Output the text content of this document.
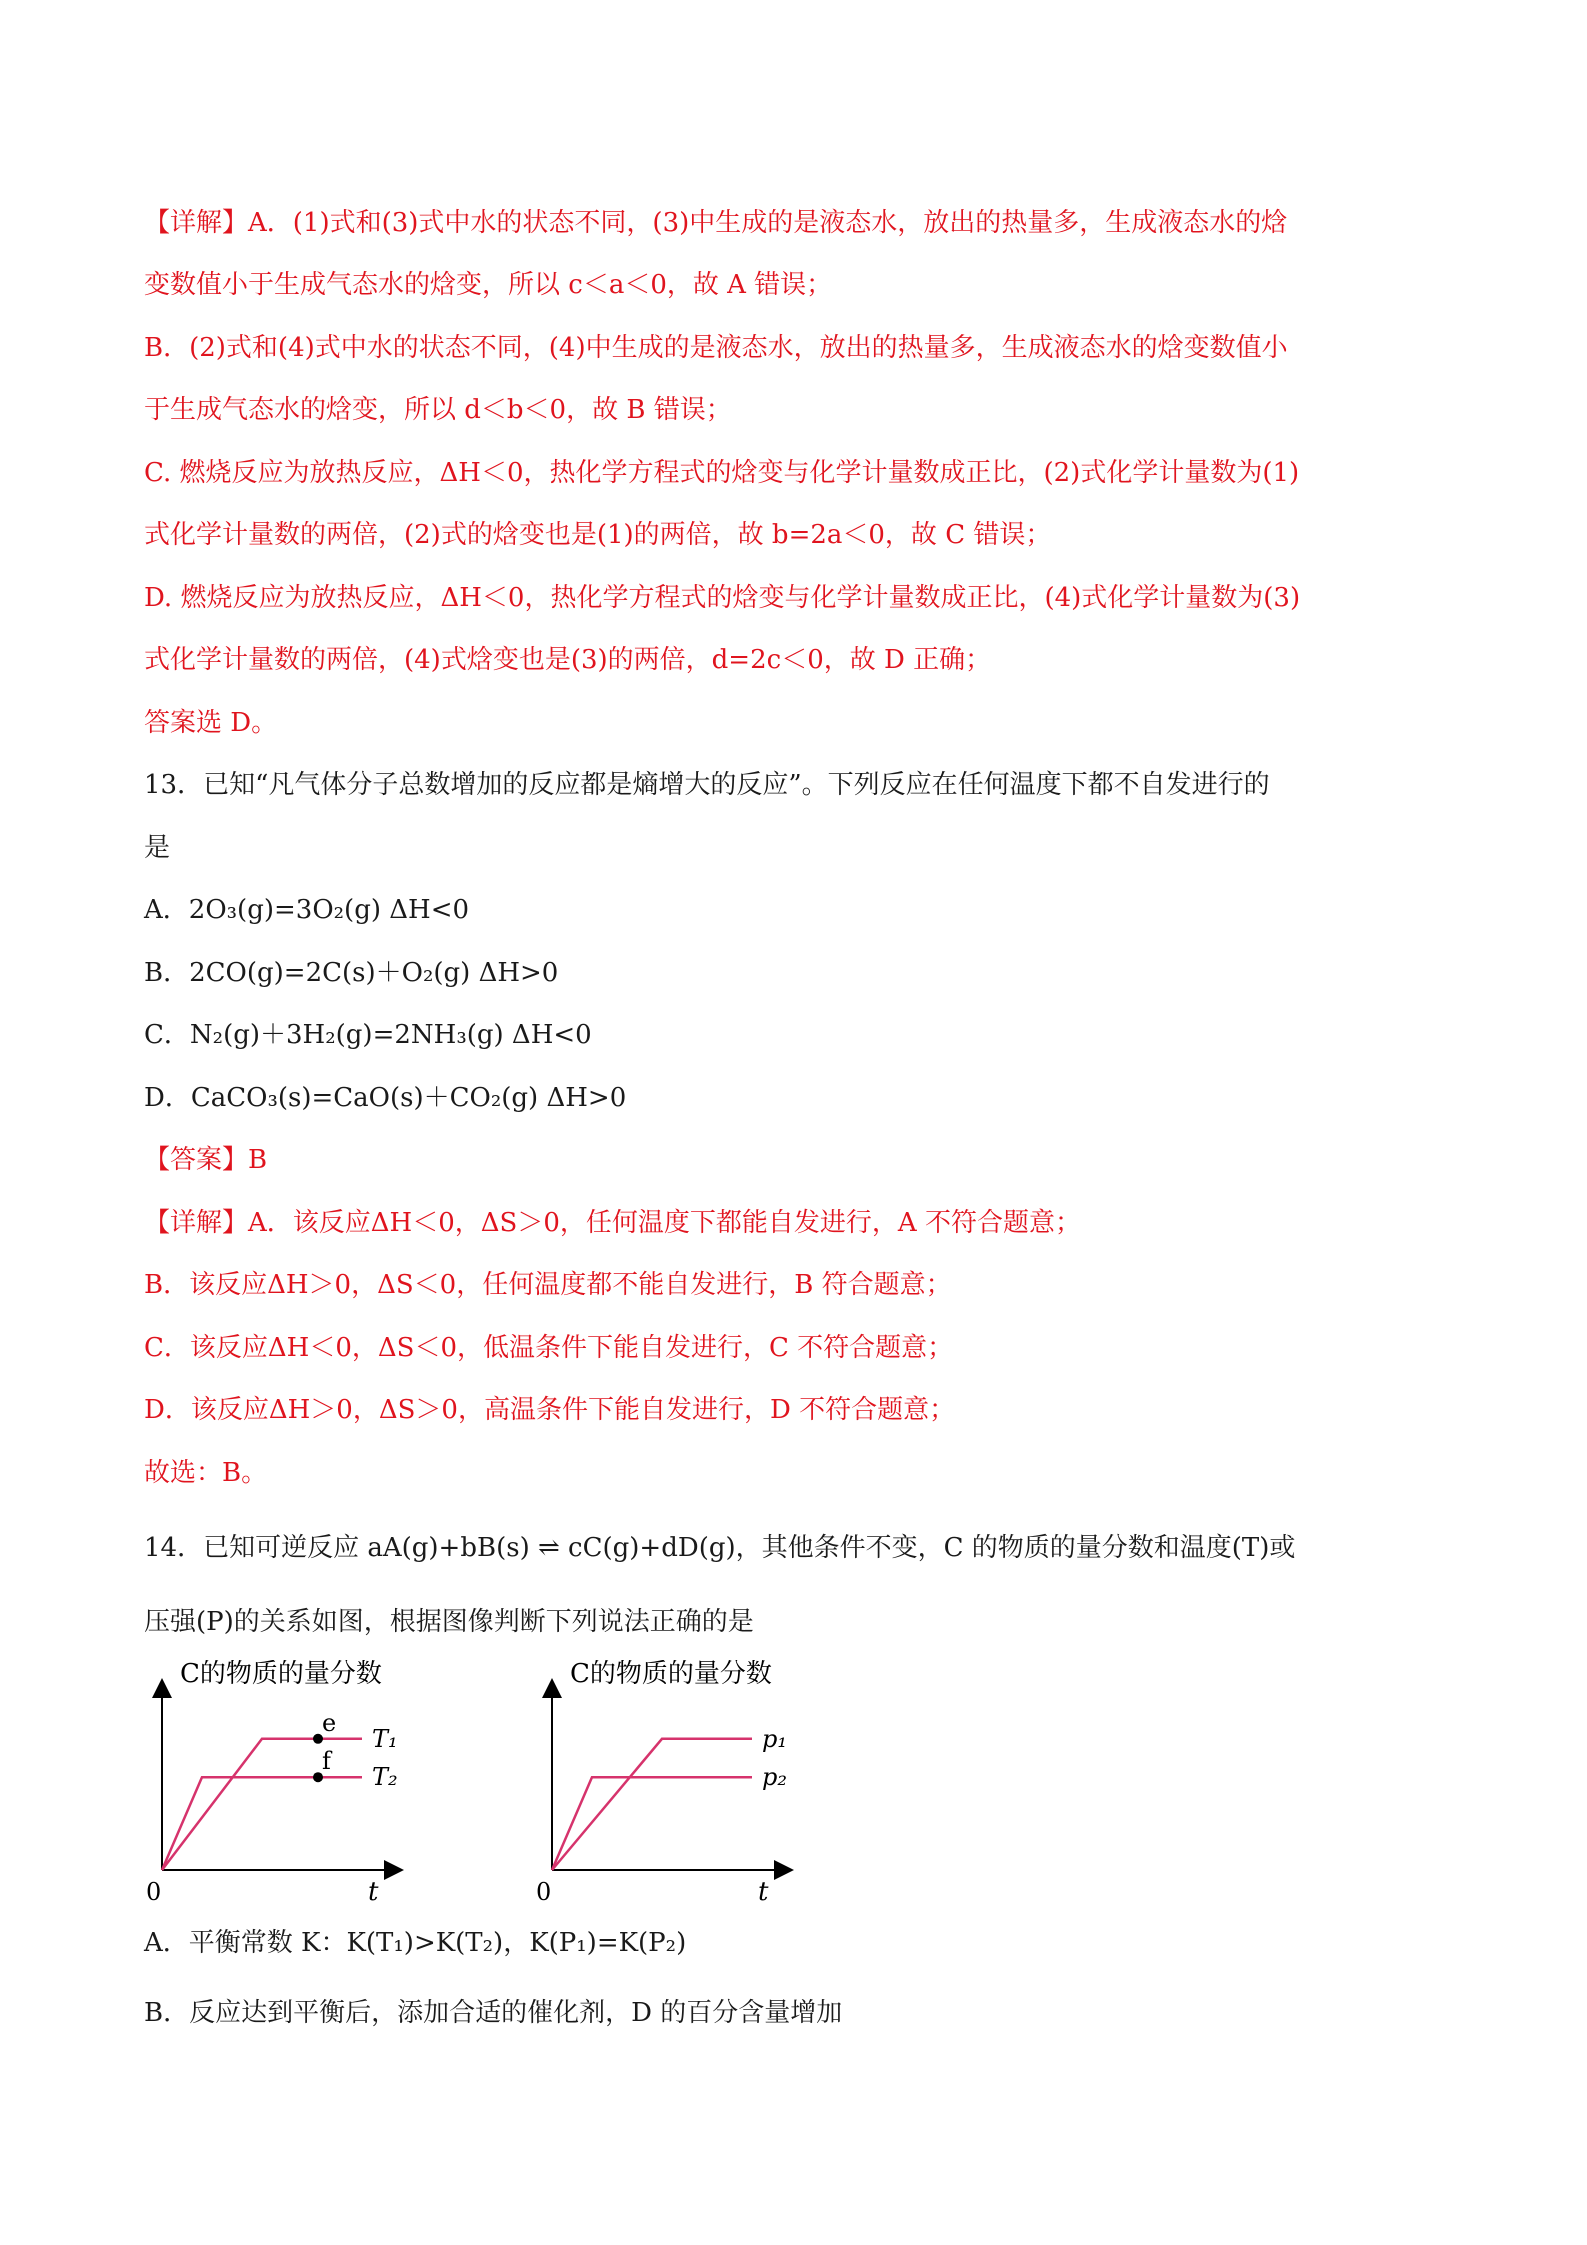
【详解】A．(1)式和(3)式中水的状态不同，(3)中生成的是液态水，放出的热量多，生成液态水的焓
变数值小于生成气态水的焓变，所以 c＜a＜0，故 A 错误；
B．(2)式和(4)式中水的状态不同，(4)中生成的是液态水，放出的热量多，生成液态水的焓变数值小
于生成气态水的焓变，所以 d＜b＜0，故 B 错误；
C. 燃烧反应为放热反应，ΔH＜0，热化学方程式的焓变与化学计量数成正比，(2)式化学计量数为(1)
式化学计量数的两倍，(2)式的焓变也是(1)的两倍，故 b=2a＜0，故 C 错误；
D. 燃烧反应为放热反应，ΔH＜0，热化学方程式的焓变与化学计量数成正比，(4)式化学计量数为(3)
式化学计量数的两倍，(4)式焓变也是(3)的两倍，d=2c＜0，故 D 正确；
答案选 D。
13．已知“凡气体分子总数增加的反应都是熵增大的反应”。下列反应在任何温度下都不自发进行的
是
A．2O₃(g)=3O₂(g) ΔH<0
B．2CO(g)=2C(s)＋O₂(g) ΔH>0
C．N₂(g)＋3H₂(g)=2NH₃(g) ΔH<0
D．CaCO₃(s)=CaO(s)＋CO₂(g) ΔH>0
【答案】B
【详解】A．该反应ΔH＜0，ΔS＞0，任何温度下都能自发进行，A 不符合题意；
B．该反应ΔH＞0，ΔS＜0，任何温度都不能自发进行，B 符合题意；
C．该反应ΔH＜0，ΔS＜0，低温条件下能自发进行，C 不符合题意；
D．该反应ΔH＞0，ΔS＞0，高温条件下能自发进行，D 不符合题意；
故选：B。
14．已知可逆反应 aA(g)+bB(s) ⇌ cC(g)+dD(g)，其他条件不变，C 的物质的量分数和温度(T)或
压强(P)的关系如图，根据图像判断下列说法正确的是
C的物质的量分数
t
0
T₁
T₂
e
f
C的物质的量分数
t
0
p₁
p₂
A．平衡常数 K：K(T₁)>K(T₂)，K(P₁)=K(P₂)
B．反应达到平衡后，添加合适的催化剂，D 的百分含量增加
